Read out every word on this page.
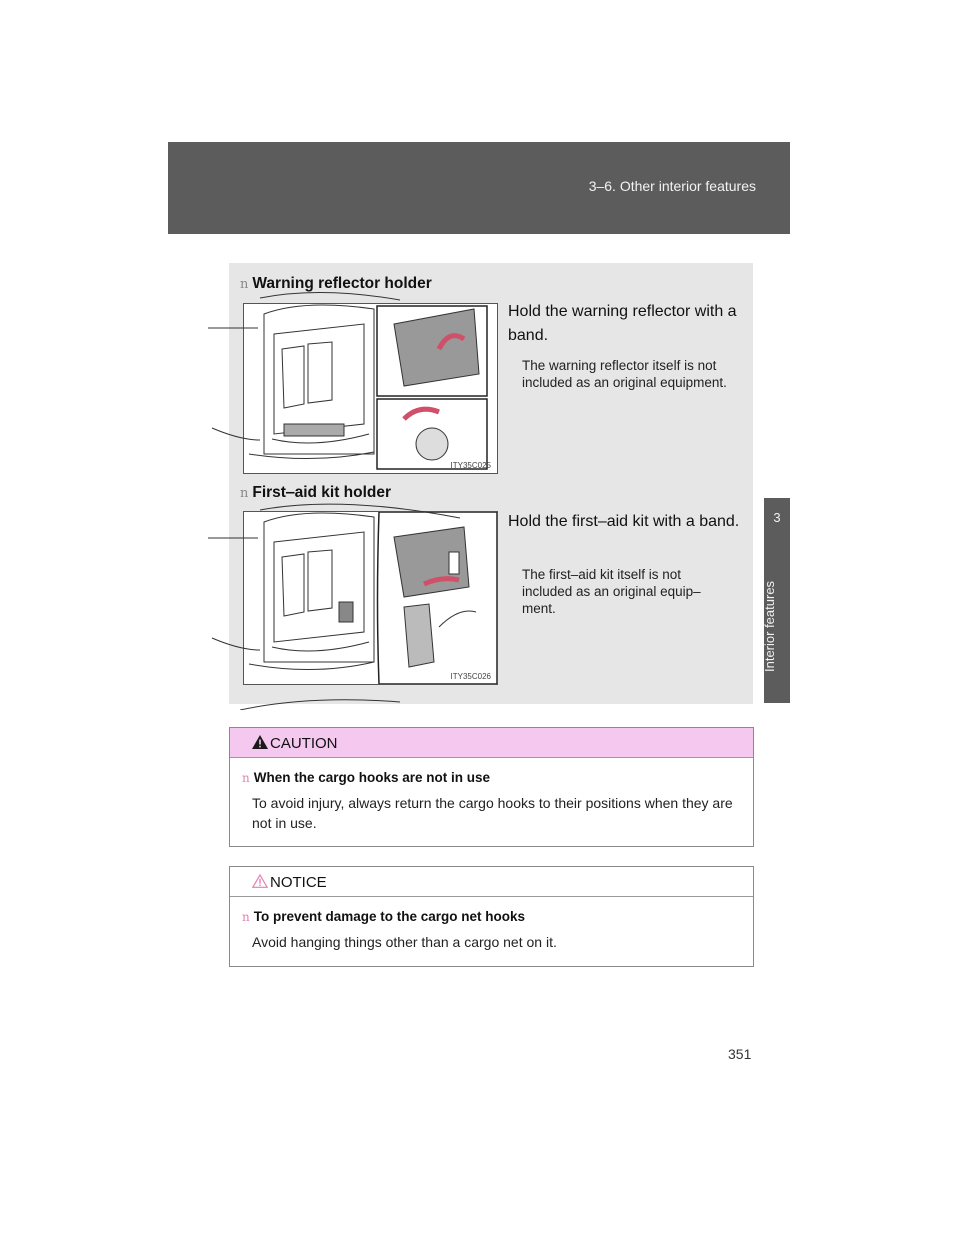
3‒6. Other interior features
3
Interior features
n Warning reflector holder
ITY35C025
Hold the warning reflector with a band.
The warning reflector itself is not included as an original equipment.
n First‒aid kit holder
ITY35C026
Hold the first‒aid kit with a band.
The first‒aid kit itself is not included as an original equip‒ ment.
CAUTION
n When the cargo hooks are not in use
To avoid injury, always return the cargo hooks to their positions when they are not in use.
NOTICE
n To prevent damage to the cargo net hooks
Avoid hanging things other than a cargo net on it.
351
